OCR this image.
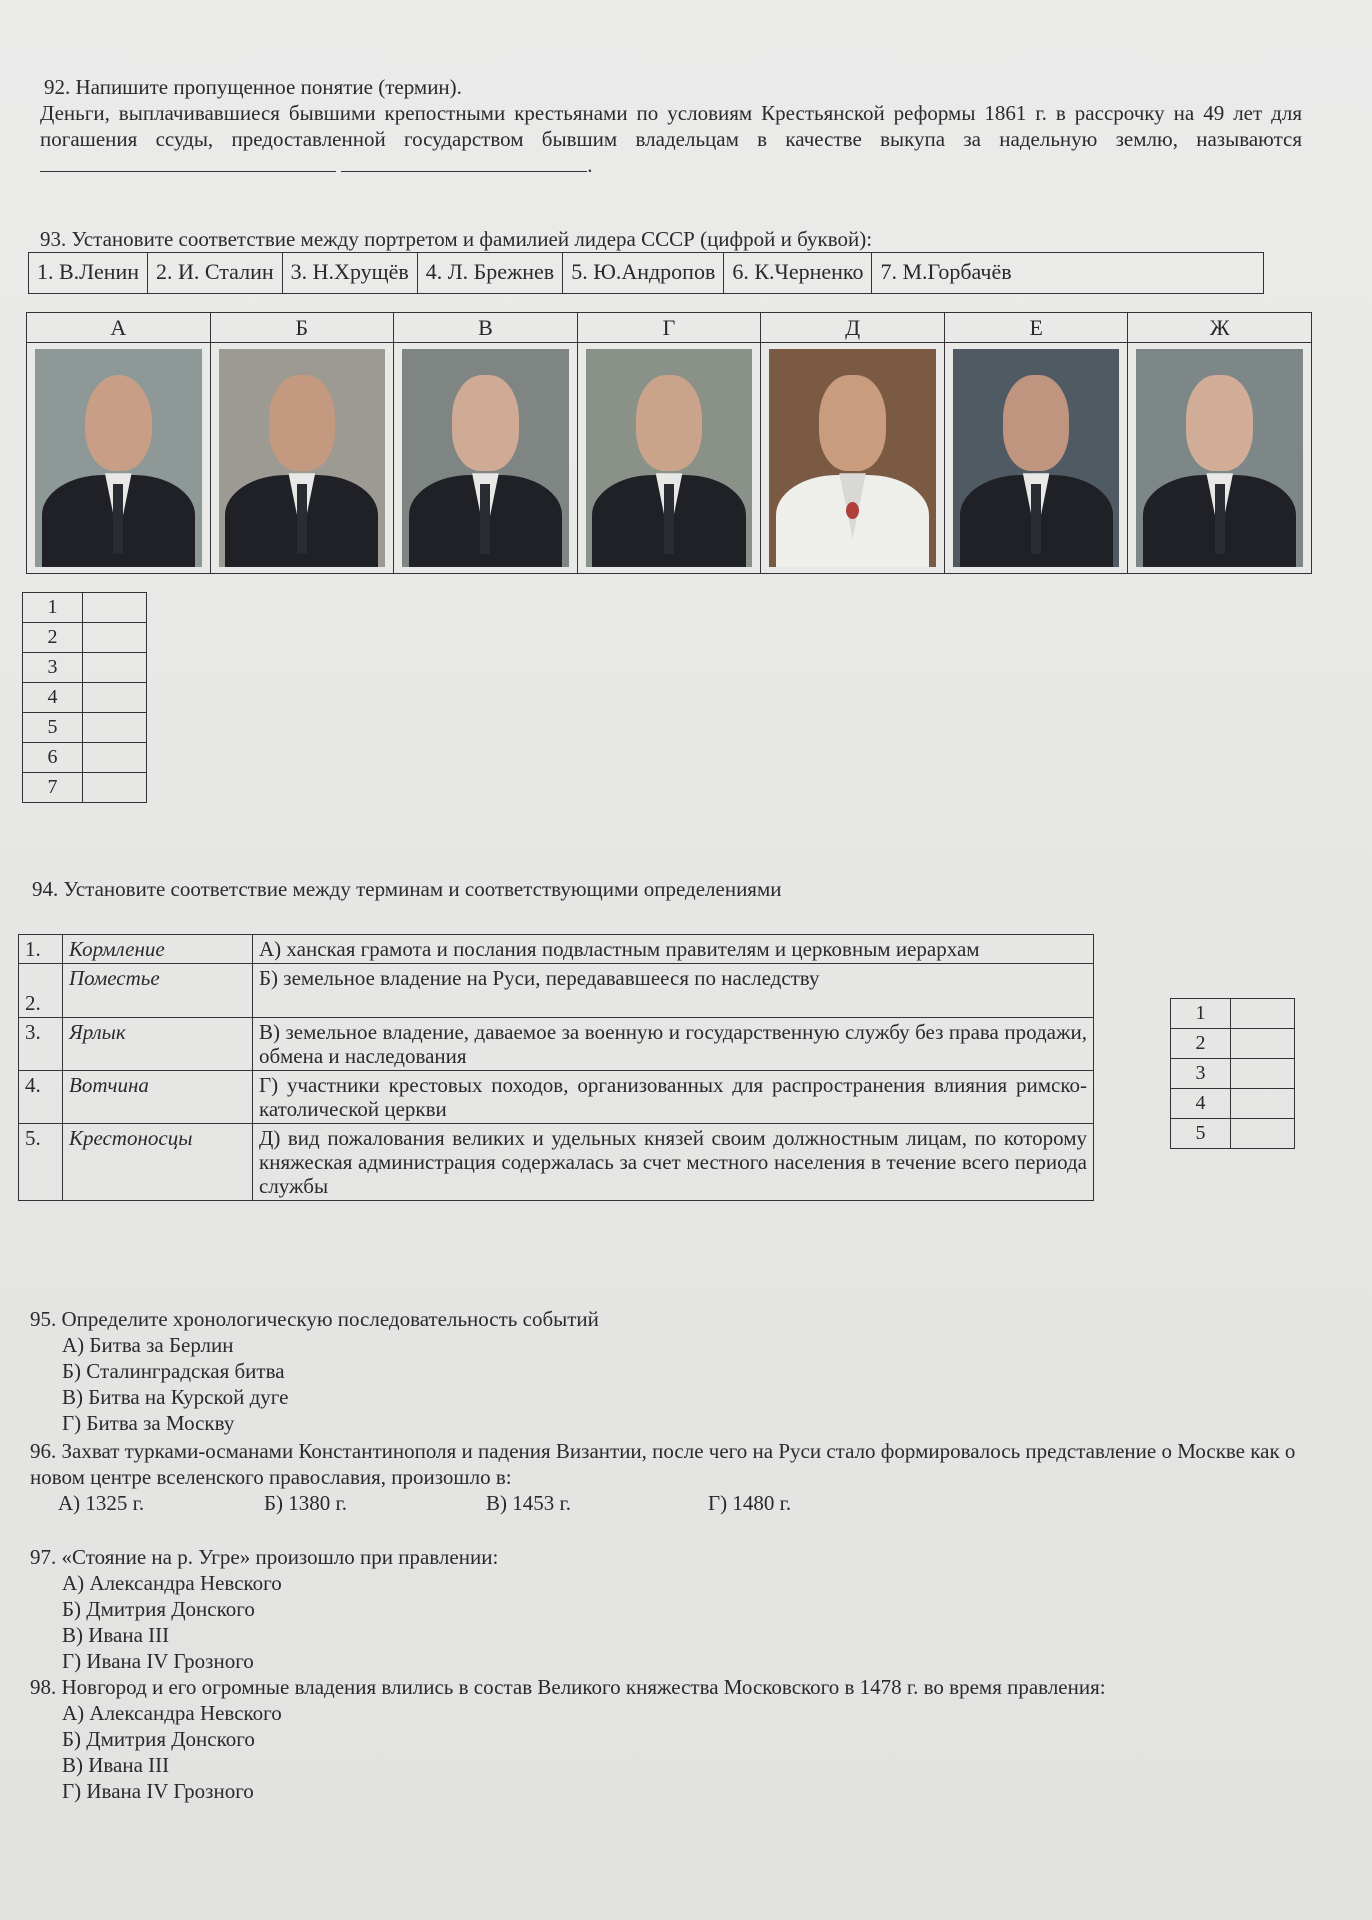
92. Напишите пропущенное понятие (термин).

Деньги, выплачивавшиеся бывшими крепостными крестьянами по условиям Крестьянской реформы 1861 г. в рассрочку на 49 лет для погашения ссуды, предоставленной государством бывшим владельцам в качестве выкупа за надельную землю, называются  .

93. Установите соответствие между портретом и фамилией лидера СССР (цифрой и буквой):
1. В.Ленин 2. И. Сталин 3. Н.Хрущёв 4. Л. Брежнев 5. Ю.Андропов 6. К.Черненко 7. М.Горбачёв
А	Б	В	Г	Д	Е	Ж
1	
2	
3	
4	
5	
6	
7	
94. Установите соответствие между терминам и соответствующими определениями
1.	Кормление	А) ханская грамота и послания подвластным правителям и церковным иерархам
2.	Поместье	Б) земельное владение на Руси, передававшееся по наследству
3.	Ярлык	В) земельное владение, даваемое за военную и государственную службу без права продажи, обмена и наследования
4.	Вотчина	Г) участники крестовых походов, организованных для распространения влияния римско-католической церкви
5.	Крестоносцы	Д) вид пожалования великих и удельных князей своим должностным лицам, по которому княжеская администрация содержалась за счет местного населения в течение всего периода службы
1	
2	
3	
4	
5	

95. Определите хронологическую последовательность событий

А) Битва за Берлин

Б) Сталинградская битва

В) Битва на Курской дуге

Г) Битва за Москву

96. Захват турками-османами Константинополя и падения Византии, после чего на Руси стало формировалось представление о Москве как о новом центре вселенского православия, произошло в:

А) 1325 г.	Б) 1380 г.	В) 1453 г.	Г) 1480 г.

97. «Стояние на р. Угре» произошло при правлении:

А) Александра Невского

Б) Дмитрия Донского

В) Ивана III

Г) Ивана IV Грозного

98. Новгород и его огромные владения влились в состав Великого княжества Московского в 1478 г. во время правления:

А) Александра Невского

Б) Дмитрия Донского

В) Ивана III

Г) Ивана IV Грозного
